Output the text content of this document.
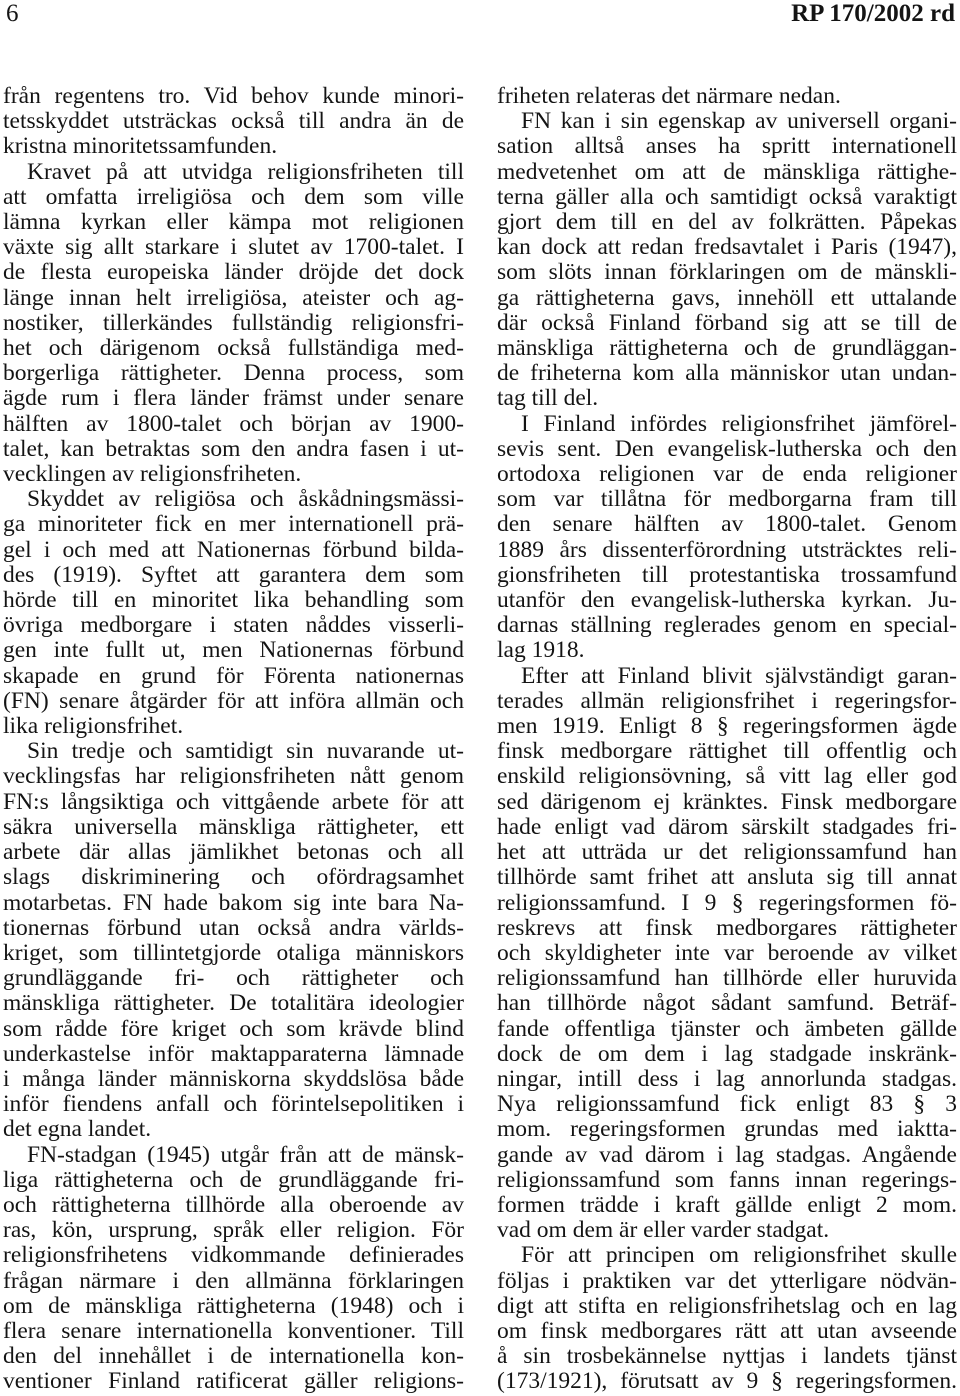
6	RP 170/2002 rd
från regentens tro. Vid behov kunde minori-
tetsskyddet utsträckas också till andra än de
kristna minoritetssamfunden.
Kravet på att utvidga religionsfriheten till
att omfatta irreligiösa och dem som ville
lämna kyrkan eller kämpa mot religionen
växte sig allt starkare i slutet av 1700-talet. I
de flesta europeiska länder dröjde det dock
länge innan helt irreligiösa, ateister och ag-
nostiker, tillerkändes fullständig religionsfri-
het och därigenom också fullständiga med-
borgerliga rättigheter. Denna process, som
ägde rum i flera länder främst under senare
hälften av 1800-talet och början av 1900-
talet, kan betraktas som den andra fasen i ut-
vecklingen av religionsfriheten.
Skyddet av religiösa och åskådningsmässi-
ga minoriteter fick en mer internationell prä-
gel i och med att Nationernas förbund bilda-
des (1919). Syftet att garantera dem som
hörde till en minoritet lika behandling som
övriga medborgare i staten nåddes visserli-
gen inte fullt ut, men Nationernas förbund
skapade en grund för Förenta nationernas
(FN) senare åtgärder för att införa allmän och
lika religionsfrihet.
Sin tredje och samtidigt sin nuvarande ut-
vecklingsfas har religionsfriheten nått genom
FN:s långsiktiga och vittgående arbete för att
säkra universella mänskliga rättigheter, ett
arbete där allas jämlikhet betonas och all
slags diskriminering och ofördragsamhet
motarbetas. FN hade bakom sig inte bara Na-
tionernas förbund utan också andra världs-
kriget, som tillintetgjorde otaliga människors
grundläggande fri- och rättigheter och
mänskliga rättigheter. De totalitära ideologier
som rådde före kriget och som krävde blind
underkastelse inför maktapparaterna lämnade
i många länder människorna skyddslösa både
inför fiendens anfall och förintelsepolitiken i
det egna landet.
FN-stadgan (1945) utgår från att de mänsk-
liga rättigheterna och de grundläggande fri-
och rättigheterna tillhörde alla oberoende av
ras, kön, ursprung, språk eller religion. För
religionsfrihetens vidkommande definierades
frågan närmare i den allmänna förklaringen
om de mänskliga rättigheterna (1948) och i
flera senare internationella konventioner. Till
den del innehållet i de internationella kon-
ventioner Finland ratificerat gäller religions-
friheten relateras det närmare nedan.
FN kan i sin egenskap av universell organi-
sation alltså anses ha spritt internationell
medvetenhet om att de mänskliga rättighe-
terna gäller alla och samtidigt också varaktigt
gjort dem till en del av folkrätten. Påpekas
kan dock att redan fredsavtalet i Paris (1947),
som slöts innan förklaringen om de mänskli-
ga rättigheterna gavs, innehöll ett uttalande
där också Finland förband sig att se till de
mänskliga rättigheterna och de grundläggan-
de friheterna kom alla människor utan undan-
tag till del.
I Finland infördes religionsfrihet jämförel-
sevis sent. Den evangelisk-lutherska och den
ortodoxa religionen var de enda religioner
som var tillåtna för medborgarna fram till
den senare hälften av 1800-talet. Genom
1889 års dissenterförordning utsträcktes reli-
gionsfriheten till protestantiska trossamfund
utanför den evangelisk-lutherska kyrkan. Ju-
darnas ställning reglerades genom en special-
lag 1918.
Efter att Finland blivit självständigt garan-
terades allmän religionsfrihet i regeringsfor-
men 1919. Enligt 8 § regeringsformen ägde
finsk medborgare rättighet till offentlig och
enskild religionsövning, så vitt lag eller god
sed därigenom ej kränktes. Finsk medborgare
hade enligt vad därom särskilt stadgades fri-
het att utträda ur det religionssamfund han
tillhörde samt frihet att ansluta sig till annat
religionssamfund. I 9 § regeringsformen fö-
reskrevs att finsk medborgares rättigheter
och skyldigheter inte var beroende av vilket
religionssamfund han tillhörde eller huruvida
han tillhörde något sådant samfund. Beträf-
fande offentliga tjänster och ämbeten gällde
dock de om dem i lag stadgade inskränk-
ningar, intill dess i lag annorlunda stadgas.
Nya religionssamfund fick enligt 83 § 3
mom. regeringsformen grundas med iaktta-
gande av vad därom i lag stadgas. Angående
religionssamfund som fanns innan regerings-
formen trädde i kraft gällde enligt 2 mom.
vad om dem är eller varder stadgat.
För att principen om religionsfrihet skulle
följas i praktiken var det ytterligare nödvän-
digt att stifta en religionsfrihetslag och en lag
om finsk medborgares rätt att utan avseende
å sin trosbekännelse nyttjas i landets tjänst
(173/1921), förutsatt av 9 § regeringsformen.
